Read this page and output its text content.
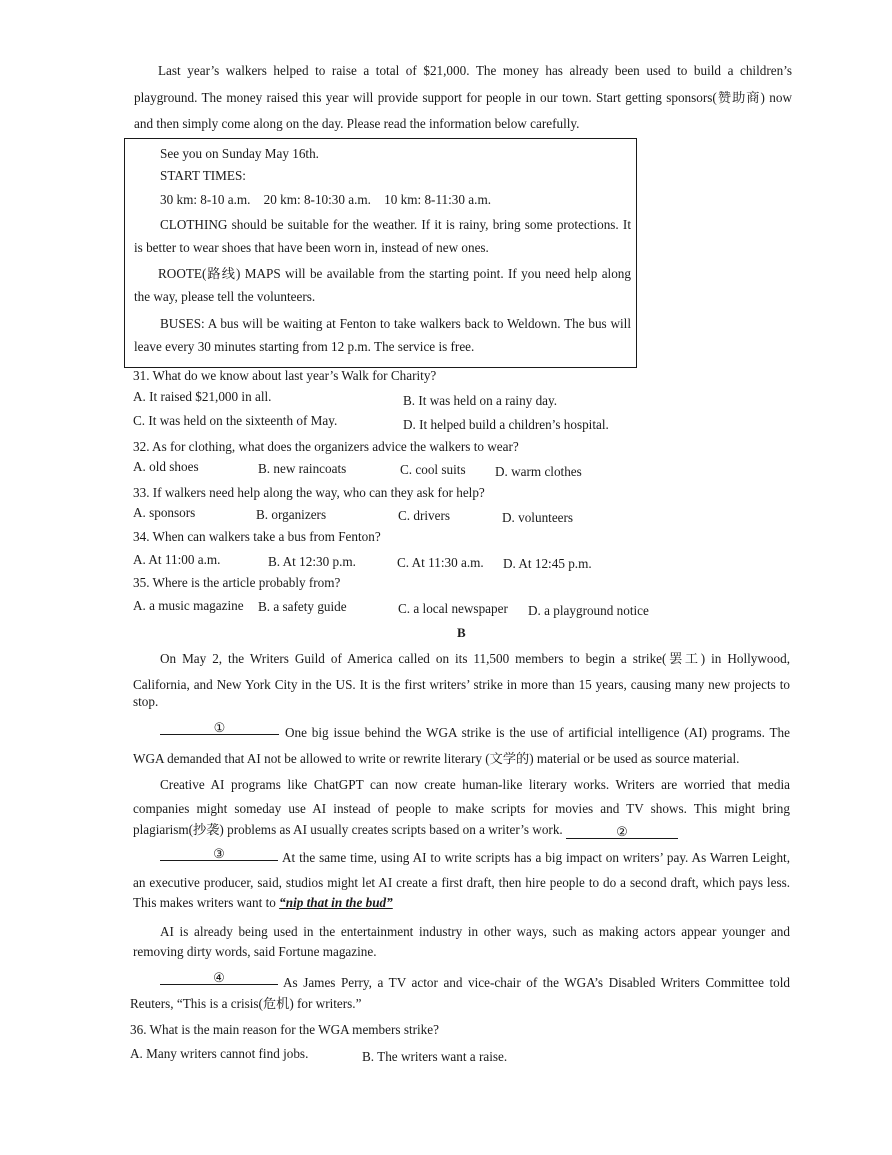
Last year’s walkers helped to raise a total of $21,000. The money has already been used to build a children’s
playground. The money raised this year will provide support for people in our town. Start getting sponsors(赞助商) now
and then simply come along on the day. Please read the information below carefully.
See you on Sunday May 16th.
START TIMES:
30 km: 8-10 a.m.    20 km: 8-10:30 a.m.    10 km: 8-11:30 a.m.
CLOTHING should be suitable for the weather. If it is rainy, bring some protections. It
is better to wear shoes that have been worn in, instead of new ones.
ROOTE(路线) MAPS will be available from the starting point. If you need help along
the way, please tell the volunteers.
BUSES: A bus will be waiting at Fenton to take walkers back to Weldown. The bus will
leave every 30 minutes starting from 12 p.m. The service is free.
31. What do we know about last year’s Walk for Charity?
A. It raised $21,000 in all.	B. It was held on a rainy day.
C. It was held on the sixteenth of May.	D. It helped build a children’s hospital.
32. As for clothing, what does the organizers advice the walkers to wear?
A. old shoes	B. new raincoats	C. cool suits D. warm clothes
33. If walkers need help along the way, who can they ask for help?
A. sponsors	B. organizers	C. drivers	D. volunteers
34. When can walkers take a bus from Fenton?
A. At 11:00 a.m.	B. At 12:30 p.m.	C. At 11:30 a.m. D. At 12:45 p.m.
35. Where is the article probably from?
A. a music magazine B. a safety guide	C. a local newspaper D. a playground notice
B
On May 2, the Writers Guild of America called on its 11,500 members to begin a strike(罢工) in Hollywood,
California, and New York City in the US. It is the first writers’ strike in more than 15 years, causing many new projects to
stop.
①	One big issue behind the WGA strike is the use of artificial intelligence (AI) programs. The
WGA demanded that AI not be allowed to write or rewrite literary (文学的) material or be used as source material.
Creative AI programs like ChatGPT can now create human-like literary works. Writers are worried that media
companies might someday use AI instead of people to make scripts for movies and TV shows. This might bring
plagiarism(抄袭) problems as AI usually creates scripts based on a writer’s work.	②
③	At the same time, using AI to write scripts has a big impact on writers’ pay. As Warren Leight,
an executive producer, said, studios might let AI create a first draft, then hire people to do a second draft, which pays less.
This makes writers want to “nip that in the bud”
AI is already being used in the entertainment industry in other ways, such as making actors appear younger and
removing dirty words, said Fortune magazine.
④	As James Perry, a TV actor and vice-chair of the WGA’s Disabled Writers Committee told
Reuters, “This is a crisis(危机) for writers.”
36. What is the main reason for the WGA members strike?
A. Many writers cannot find jobs.	B. The writers want a raise.
